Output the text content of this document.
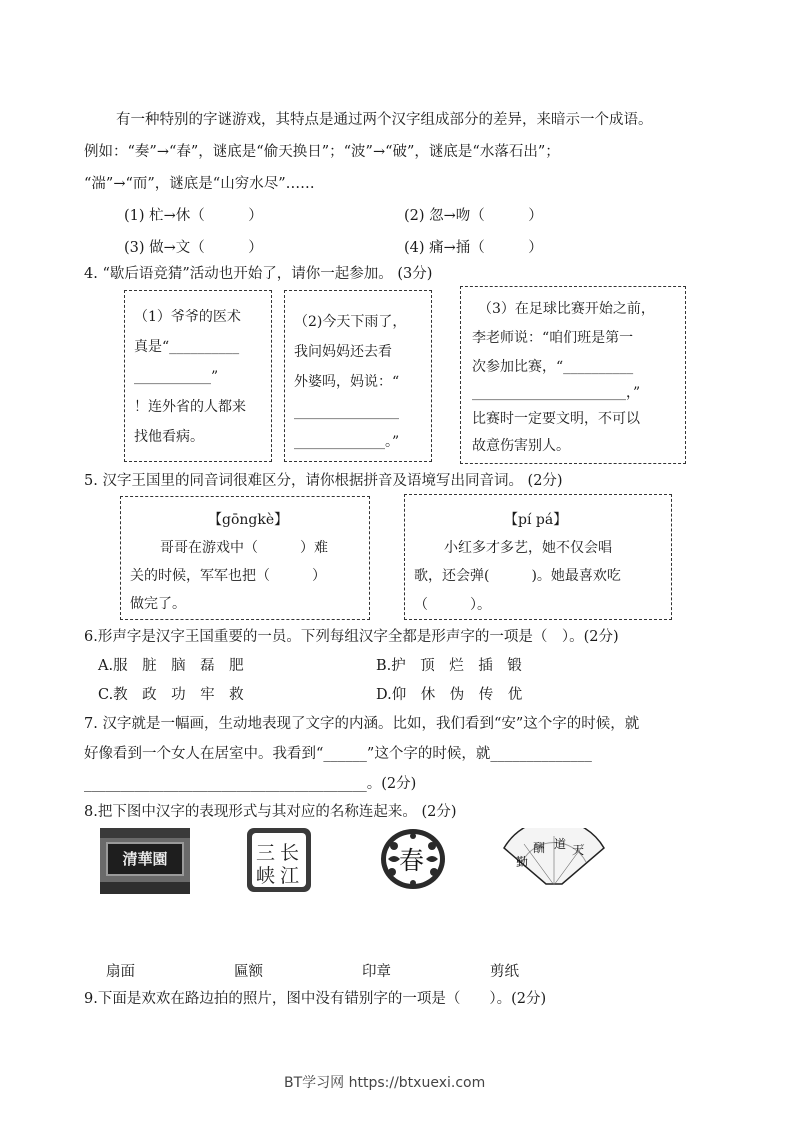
有一种特别的字谜游戏，其特点是通过两个汉字组成部分的差异，来暗示一个成语。
例如：“奏”→“春”，谜底是“偷天换日”；“波”→“破”，谜底是“水落石出”；
“湍”→“而”，谜底是“山穷水尽”……
(1) 杧→休（　　　）	(2) 忽→吻（　　　）
(3) 做→文（　　　）	(4) 痛→捅（　　　）
4. “歇后语竞猜”活动也开始了，请你一起参加。 (3分)
（1）爷爷的医术
真是“__________
___________”
！连外省的人都来
找他看病。
（2)今天下雨了，
我问妈妈还去看
外婆吗，妈说：“
_______________
_____________。”
（3）在足球比赛开始之前，
李老师说：“咱们班是第一
次参加比赛，“__________
______________________，”
比赛时一定要文明，不可以
故意伤害别人。
5. 汉字王国里的同音词很难区分，请你根据拼音及语境写出同音词。 (2分)
【gōngkè】
哥哥在游戏中（　　　）难
关的时候，军军也把（　　　）
做完了。
【pí pá】
小红多才多艺，她不仅会唱
歌，还会弹(　　　)。她最喜欢吃
（　　　）。
6.形声字是汉字王国重要的一员。下列每组汉字全都是形声字的一项是（　）。(2分)
A.服　脏　脑　磊　肥	B.护　顶　烂　插　锻
C.教　政　功　牢　救	D.仰　休　伪　传　优
7. 汉字就是一幅画，生动地表现了文字的内涵。比如，我们看到“安”这个字的时候，就
好像看到一个女人在居室中。我看到“______”这个字的时候，就______________
_______________________________________。(2分)
8.把下图中汉字的表现形式与其对应的名称连起来。 (2分)
清華園	三 长
峡 江
春	勤
酬 道 天
扇面	匾额	印章	剪纸
9.下面是欢欢在路边拍的照片，图中没有错别字的一项是（　　）。(2分)
BT学习网 https://btxuexi.com
